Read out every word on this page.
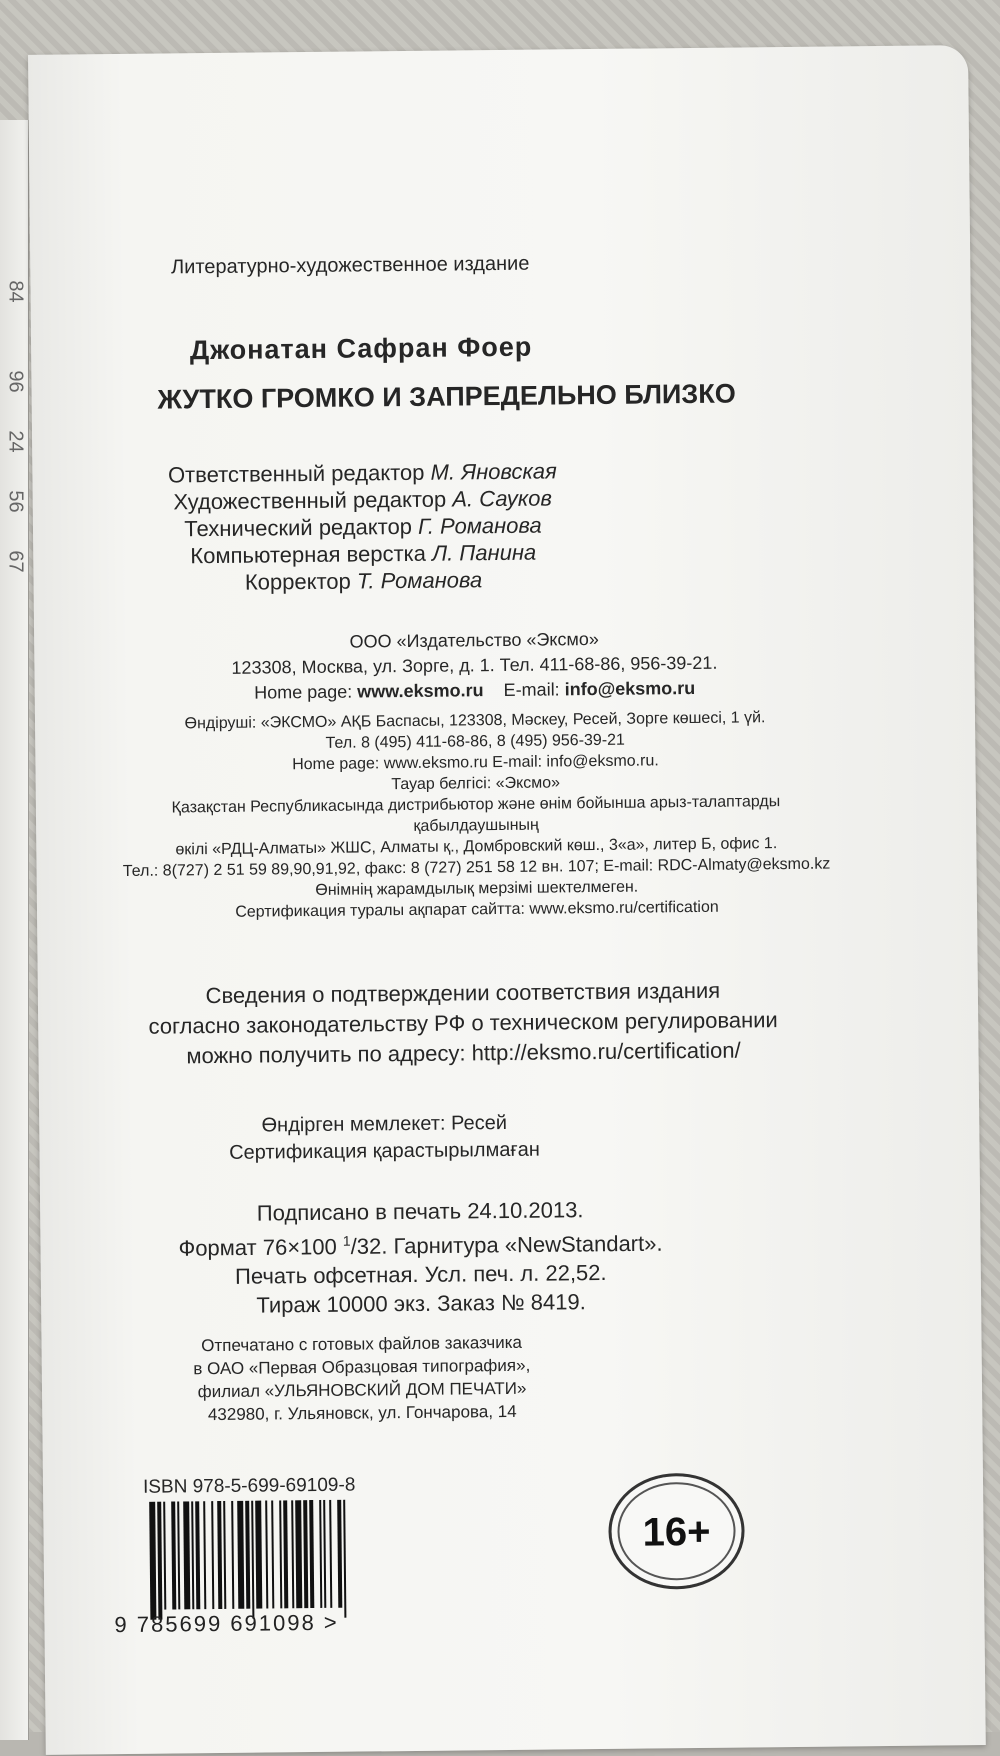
84
96
24
56
67
Литературно-художественное издание
Джонатан Сафран Фоер
ЖУТКО ГРОМКО И ЗАПРЕДЕЛЬНО БЛИЗКО
Ответственный редактор М. Яновская
Художественный редактор А. Сауков
Технический редактор Г. Романова
Компьютерная верстка Л. Панина
Корректор Т. Романова
ООО «Издательство «Эксмо»
123308, Москва, ул. Зорге, д. 1. Тел. 411-68-86, 956-39-21.
Home page: www.eksmo.ru E-mail: info@eksmo.ru
Өндіруші: «ЭКСМО» АҚБ Баспасы, 123308, Мәскеу, Ресей, Зорге көшесі, 1 үй.
Тел. 8 (495) 411-68-86, 8 (495) 956-39-21
Home page: www.eksmo.ru E-mail: info@eksmo.ru.
Тауар белгісі: «Эксмо»
Қазақстан Республикасында дистрибьютор және өнім бойынша арыз-талаптарды
қабылдаушының
өкілі «РДЦ-Алматы» ЖШС, Алматы қ., Домбровский көш., 3«а», литер Б, офис 1.
Тел.: 8(727) 2 51 59 89,90,91,92, факс: 8 (727) 251 58 12 вн. 107; E-mail: RDC-Almaty@eksmo.kz
Өнімнің жарамдылық мерзімі шектелмеген.
Сертификация туралы ақпарат сайтта: www.eksmo.ru/certification
Сведения о подтверждении соответствия издания
согласно законодательству РФ о техническом регулировании
можно получить по адресу: http://eksmo.ru/certification/
Өндірген мемлекет: Ресей
Сертификация қарастырылмаған
Подписано в печать 24.10.2013.
Формат 76×100 $^1$/32. Гарнитура «NewStandart».
Печать офсетная. Усл. печ. л. 22,52.
Тираж 10000 экз. Заказ № 8419.
Отпечатано с готовых файлов заказчика
в ОАО «Первая Образцовая типография»,
филиал «УЛЬЯНОВСКИЙ ДОМ ПЕЧАТИ»
432980, г. Ульяновск, ул. Гончарова, 14
ISBN 978-5-699-69109-8
9 785699 691098 >
16+
